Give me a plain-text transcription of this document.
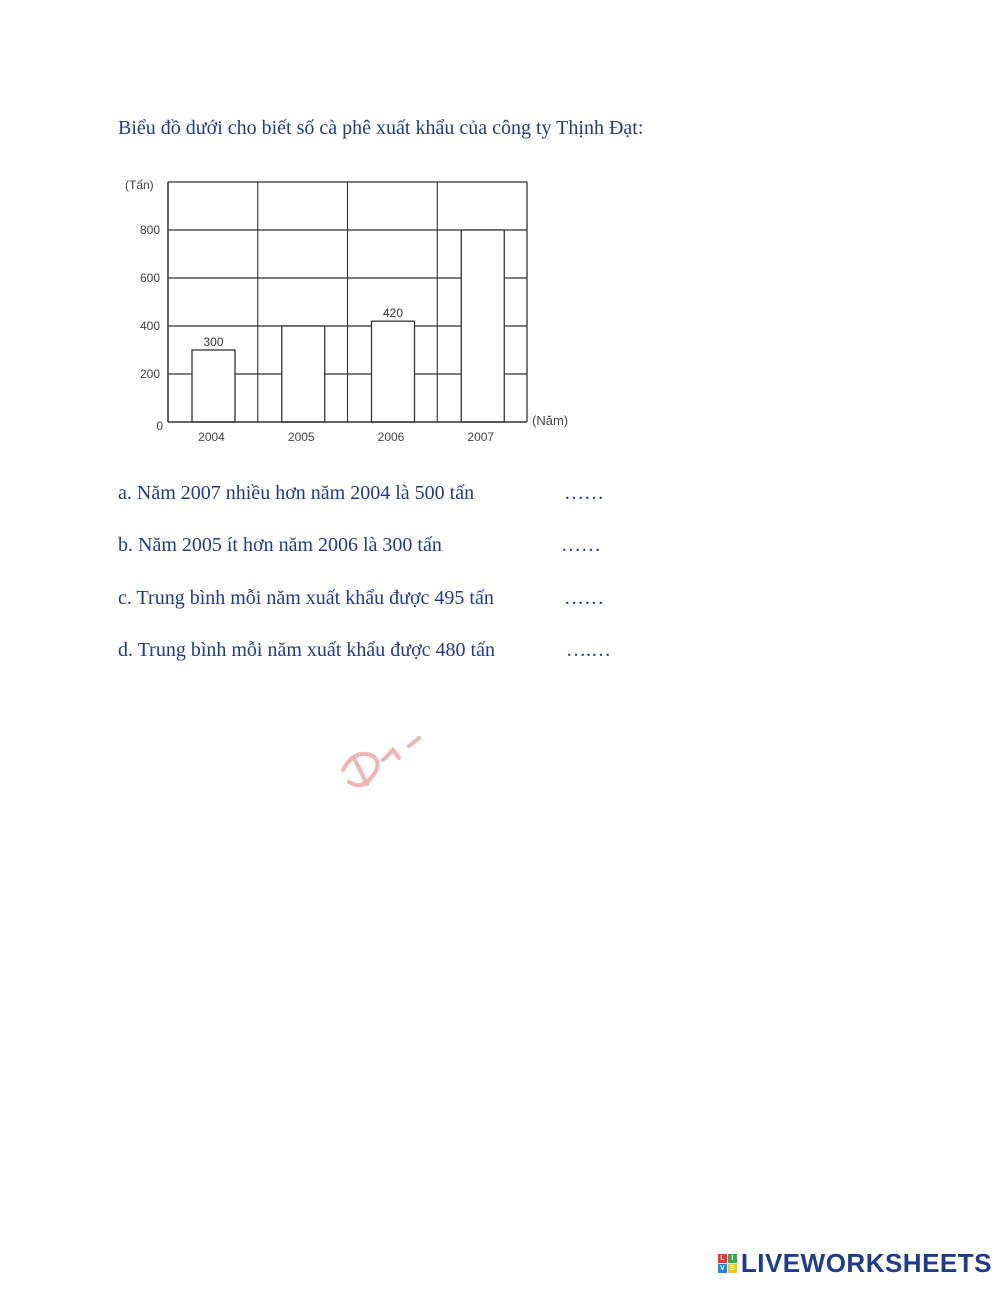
Biểu đồ dưới cho biết số cà phê xuất khẩu của công ty Thịnh Đạt:
300
420
0
200
400
600
800
2004	2005	2006	2007
(Tấn)
(Năm)
a. Năm 2007 nhiều hơn năm 2004 là 500 tấn	……
b. Năm 2005 ít hơn năm 2006 là 300 tấn	……
c. Trung bình mỗi năm xuất khẩu được 495 tấn	……
d. Trung bình mỗi năm xuất khẩu được 480 tấn	….…
L I
V E LIVEWORKSHEETS
